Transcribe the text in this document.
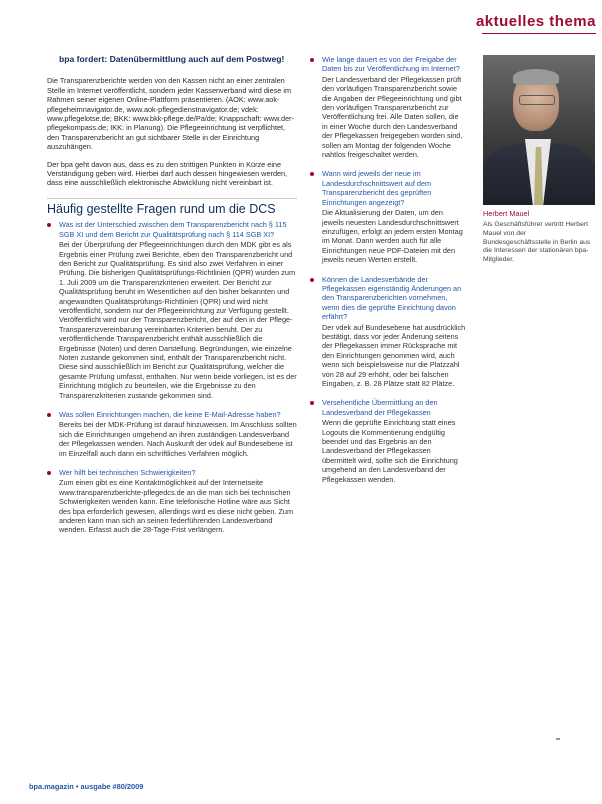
aktuelles thema
bpa fordert: Datenübermittlung auch auf dem Postweg!

Die Transparenzberichte werden von den Kassen nicht an einer zentralen Stelle im Internet veröffentlicht, sondern jeder Kassenverband wird diese im Rahmen seiner eigenen Online-Plattform präsentieren. (AOK: www.aok-pflegeheimnavigator.de, www.aok-pflegedienstnavigator.de; vdek: www.pflegelotse.de; BKK: www.bkk-pflege.de/Pa/de; Knappschaft: www.der-pflegekompass.de; IKK: in Planung). Die Pflegeeinrichtung ist verpflichtet, den Transparenzbericht an gut sichtbarer Stelle in der Einrichtung auszuhängen.

Der bpa geht davon aus, dass es zu den strittigen Punkten in Kürze eine Verständigung geben wird. Hierbei darf auch dessen hingewiesen werden, dass eine ausschließlich elektronische Abwicklung nicht vereinbart ist.

Häufig gestellte Fragen rund um die DCS
Was ist der Unterschied zwischen dem Transparenzbericht nach § 115 SGB XI und dem Bericht zur Qualitätsprüfung nach § 114 SGB XI?
Bei der Überprüfung der Pflegeeinrichtungen durch den MDK gibt es als Ergebnis einer Prüfung zwei Berichte, eben den Transparenzbericht und den Bericht zur Qualitätsprüfung. Es sind also zwei Verfahren in einer Prüfung. Die bisherigen Qualitätsprüfungs-Richtlinien (QPR) wurden zum 1. Juli 2009 um die Transparenzkriterien erweitert. Der Bericht zur Qualitätsprüfung beruht im Wesentlichen auf den bisher bekannten und angewandten Qualitätsprüfungs-Richtlinien (QPR) und wird nicht veröffentlicht, sondern nur der Pflegeeinrichtung zur Verfügung gestellt. Veröffentlicht wird nur der Transparenzbericht, der auf den in der Pflege-Transparenzvereinbarung vereinbarten Kriterien beruht. Der zu veröffentlichende Transparenzbericht enthält ausschließlich die Ergebnisse (Noten) und deren Darstellung. Begründungen, wie einzelne Noten zustande gekommen sind, enthält der Transparenzbericht nicht. Diese sind ausschließlich im Bericht zur Qualitätsprüfung, welcher die gesamte Prüfung umfasst, enthalten. Nur wenn beide vorliegen, ist es der Einrichtung möglich zu beurteilen, wie die Ergebnisse zu den Transparenzkriterien zustande gekommen sind.
Was sollen Einrichtungen machen, die keine E-Mail-Adresse haben?
Bereits bei der MDK-Prüfung ist darauf hinzuweisen. Im Anschluss sollten sich die Einrichtungen umgehend an ihren zuständigen Landesverband der Pflegekassen wenden. Nach Auskunft der vdek auf Bundesebene ist im Einzelfall auch dann ein schriftliches Verfahren möglich.
Wer hilft bei technischen Schwierigkeiten?
Zum einen gibt es eine Kontaktmöglichkeit auf der Internetseite www.transparenzberichte-pflegedcs.de an die man sich bei technischen Schwierigkeiten wenden kann. Eine telefonische Hotline wäre aus Sicht des bpa erforderlich gewesen, allerdings wird es diese nicht geben. Zum anderen kann man sich an seinen federführenden Landesverband wenden. Erfasst auch die 28-Tage-Frist verlängern.
Wie lange dauert es von der Freigabe der Daten bis zur Veröffentlichung im Internet?
Der Landesverband der Pflegekassen prüft den vorläufigen Transparenzbericht sowie die Angaben der Pflegeeinrichtung und gibt den vorläufigen Transparenzbericht zur Veröffentlichung frei. Alle Daten sollen, die in einer Woche durch den Landesverband der Pflegekassen freigegeben worden sind, sollen am Montag der folgenden Woche nahtlos freigeschaltet werden.
Wann wird jeweils der neue im Landesdurchschnittswert auf dem Transparenzbericht des geprüften Einrichtungen angezeigt?
Die Aktualisierung der Daten, um den jeweils neuesten Landesdurchschnittswert einzufügen, erfolgt an jedem ersten Montag im Monat. Dann werden auch für alle Einrichtungen neue PDF-Dateien mit den jeweils neuen Werten erstellt.
Können die Landesverbände der Pflegekassen eigenständig Änderungen an den Transparenzberichten vornehmen, wenn dies die geprüfte Einrichtung davon erfährt?
Der vdek auf Bundesebene hat ausdrücklich bestätigt, dass vor jeder Änderung seitens der Pflegekassen immer Rücksprache mit den Einrichtungen genommen wird, auch wenn sich beispielsweise nur die Platzzahl von 28 auf 29 erhöht, oder bei falschen Eingaben, z. B. 28 Plätze statt 82 Plätze.
Versehentliche Übermittlung an den Landesverband der Pflegekassen
Wenn die geprüfte Einrichtung statt eines Logouts die Kommentierung endgültig beendet und das Ergebnis an den Landesverband der Pflegekassen übermittelt wird, sollte sich die Einrichtung umgehend an den Landesverband der Pflegekassen wenden.
Herbert Mauel
Als Geschäftsführer vertritt Herbert Mauel von der Bundesgeschäftsstelle in Berlin aus die Interessen der stationären bpa-Mitglieder.
bpa.magazin • ausgabe #80/2009
